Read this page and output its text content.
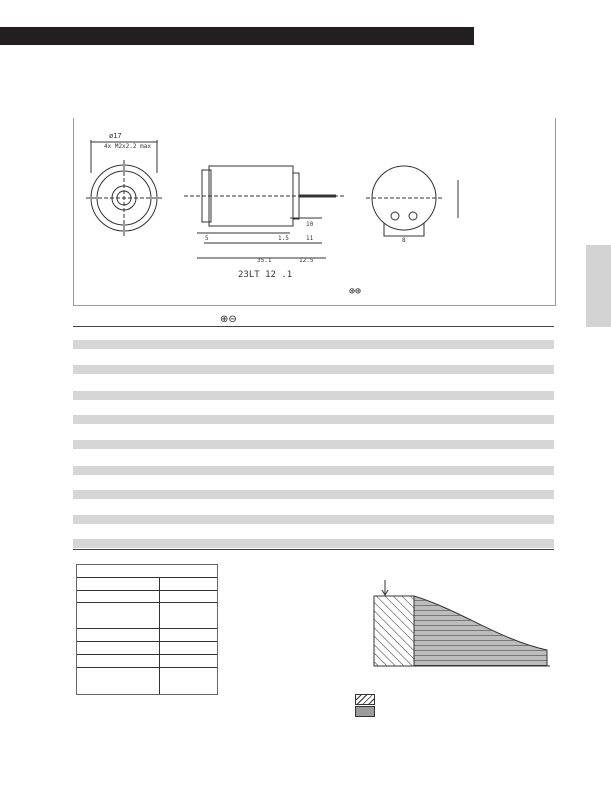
ø17
4x M2x2.2 max
35.1	12.5
1.5
10
11
5	8
23LT 12 .1
⊕⊕
⊕⊖
